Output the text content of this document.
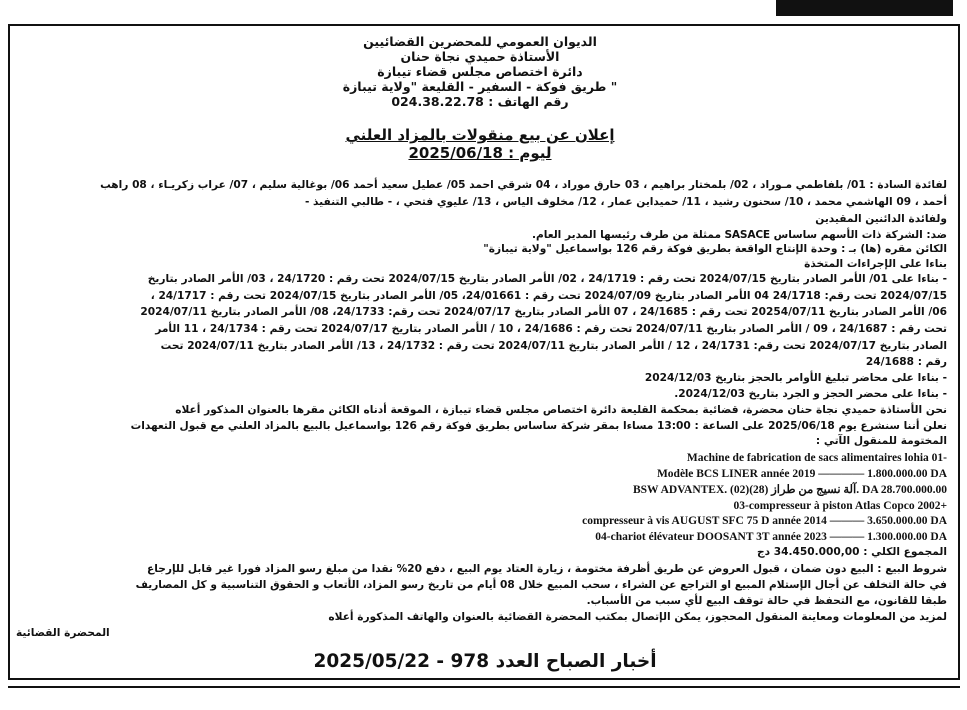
الديوان العمومي للمحضرين القضائيين
الأستاذة حميدي نجاة حنان
دائرة اختصاص مجلس قضاء تيبازة
طريق فوكة - السفير - القليعة "ولاية تيبازة "
رقم الهاتف : 024.38.22.78
إعلان عن بيع منقولات بالمزاد العلني
ليوم : 2025/06/18
لفائدة السادة : 01/ بلفاطمي مـوراد ، 02/ بلمختار براهيم ، 03 حارق موراد ، 04 شرقي احمد 05/ عطيل سعيد أحمد 06/ بوغالية سليم ، 07/ عراب زكريـاء ، 08 راهب
أحمد ، 09 الهاشمي محمد ، 10/ سحنون رشيد ، 11/ حميداين عمار ، 12/ مخلوف الياس ، 13/ عليوي فتحي ، - طالبي التنفيذ -
ولفائدة الدائنين المقيدين
ضد: الشركة ذات الأسهم ساساس SASACE ممثلة من طرف رئيسها المدير العام.
الكائن مقره (ها) بـ : وحدة الإنتاج الواقعة بطريق فوكة رقم 126 بواسماعيل "ولاية تيبازة"
بناءا على الإجراءات المتخذة
- بناءا على 01/ الأمر الصادر بتاريخ 2024/07/15 تحت رقم : 24/1719 ، 02/ الأمر الصادر بتاريخ 2024/07/15 تحت رقم : 24/1720 ، 03/ الأمر الصادر بتاريخ
2024/07/15 تحت رقم: 24/1718 04 الأمر الصادر بتاريخ 2024/07/09 تحت رقم : 24/01661، 05/ الأمر الصادر بتاريخ 2024/07/15 تحت رقم : 24/1717 ،
06/ الأمر الصادر بتاريخ 20254/07/11 تحت رقم : 24/1685 ، 07 الأمر الصادر بتاريخ 2024/07/17 تحت رقم: 24/1733، 08/ الأمر الصادر بتاريخ 2024/07/11
تحت رقم : 24/1687 ، 09 / الأمر الصادر بتاريخ 2024/07/11 تحت رقم : 24/1686 ، 10 / الأمر الصادر بتاريخ 2024/07/17 تحت رقم : 24/1734 ، 11 الأمر
الصادر بتاريخ 2024/07/17 تحت رقم: 24/1731 ، 12 / الأمر الصادر بتاريخ 2024/07/11 تحت رقم : 24/1732 ، 13/ الأمر الصادر بتاريخ 2024/07/11 تحت
رقم : 24/1688
- بناءا على محاضر تبليغ الأوامر بالحجز بتاريخ 2024/12/03
- بناءا على محضر الحجز و الجرد بتاريخ 2024/12/03.
نحن الأستاذة حميدي نجاة حنان محضرة، قضائية بمحكمة القليعة دائرة اختصاص مجلس قضاء تيبازة ، الموقعة أدناه الكائن مقرها بالعنوان المذكور أعلاه
نعلن أننا سنشرع يوم 2025/06/18 على الساعة : 13:00 مساءا بمقر شركة ساساس بطريق فوكة رقم 126 بواسماعيل بالبيع بالمزاد العلني مع قبول التعهدات
المختومة للمنقول الآتي :
Machine de fabrication de sacs alimentaires lohia 01-
Modèle BCS LINER année 2019 ———— 1.800.000.00 DA
BSW ADVANTEX. آلة نسيج من طراز (28)(02). DA 28.700.000.00
03-compresseur à piston Atlas Copco 2002+
compresseur à vis AUGUST SFC 75 D année 2014 ——— 3.650.000.00 DA
04-chariot élévateur DOOSANT 3T année 2023 ——— 1.300.000.00 DA
المجموع الكلي : 34.450.000,00 دج
شروط البيع : البيع دون ضمان ، قبول العروض عن طريق أظرفة مختومة ، زيارة العتاد يوم البيع ، دفع 20% نقدا من مبلغ رسو المزاد فورا غير قابل للإرجاع
في حالة التخلف عن أجال الإستلام المبيع او التراجع عن الشراء ، سحب المبيع خلال 08 أيام من تاريخ رسو المزاد، الأتعاب و الحقوق التناسبية و كل المصاريف
طبقا للقانون، مع التحفظ في حالة توقف البيع لأي سبب من الأسباب.
لمزيد من المعلومات ومعاينة المنقول المحجوز، يمكن الإتصال بمكتب المحضرة القضائية بالعنوان والهاتف المذكورة أعلاه
المحضرة القضائية
أخبار الصباح العدد 978 - 2025/05/22
